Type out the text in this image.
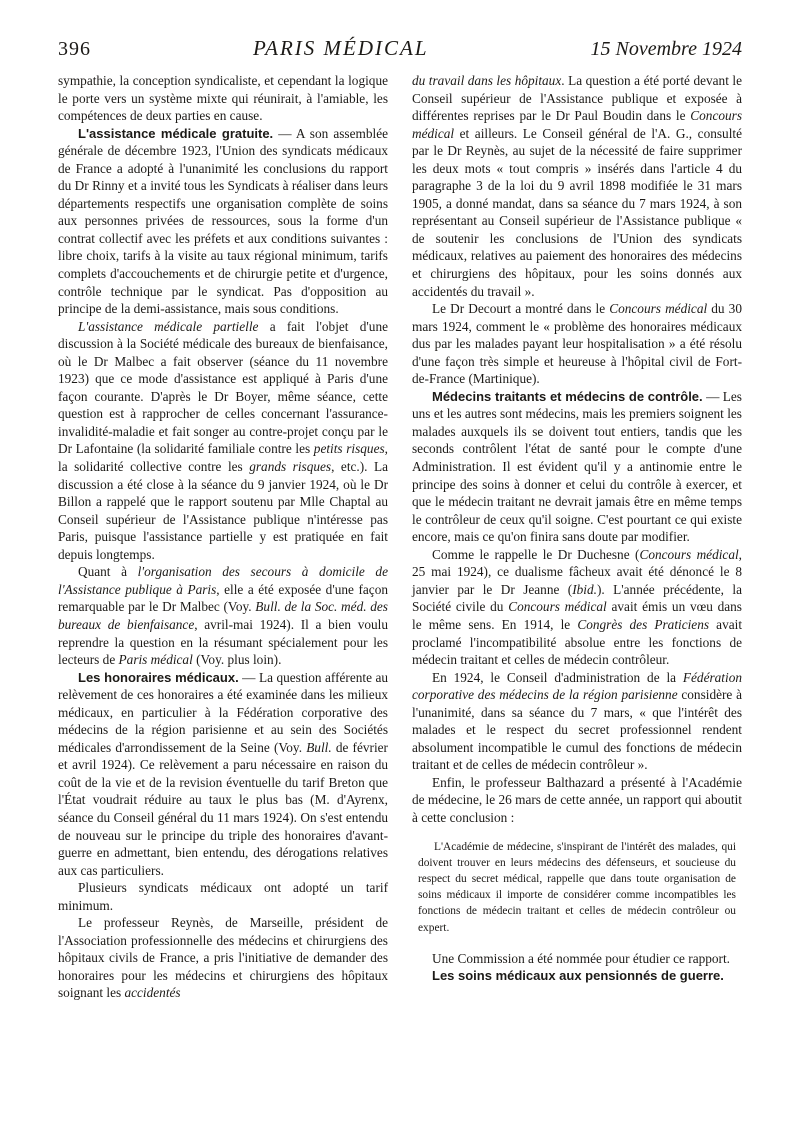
396	PARIS MÉDICAL	15 Novembre 1924

sympathie, la conception syndicaliste, et cependant la logique le porte vers un système mixte qui réunirait, à l'amiable, les compétences de deux parties en cause.

L'assistance médicale gratuite. — A son assemblée générale de décembre 1923, l'Union des syndicats médicaux de France a adopté à l'unanimité les conclusions du rapport du Dr Rinny et a invité tous les Syndicats à réaliser dans leurs départements respectifs une organisation complète de soins aux personnes privées de ressources, sous la forme d'un contrat collectif avec les préfets et aux conditions suivantes : libre choix, tarifs à la visite au taux régional minimum, tarifs complets d'accouchements et de chirurgie petite et d'urgence, contrôle technique par le syndicat. Pas d'opposition au principe de la demi-assistance, mais sous conditions.

L'assistance médicale partielle a fait l'objet d'une discussion à la Société médicale des bureaux de bienfaisance, où le Dr Malbec a fait observer (séance du 11 novembre 1923) que ce mode d'assistance est appliqué à Paris d'une façon courante. D'après le Dr Boyer, même séance, cette question est à rapprocher de celles concernant l'assurance-invalidité-maladie et fait songer au contre-projet conçu par le Dr Lafontaine (la solidarité familiale contre les petits risques, la solidarité collective contre les grands risques, etc.). La discussion a été close à la séance du 9 janvier 1924, où le Dr Billon a rappelé que le rapport soutenu par Mlle Chaptal au Conseil supérieur de l'Assistance publique n'intéresse pas Paris, puisque l'assistance partielle y est pratiquée en fait depuis longtemps.

Quant à l'organisation des secours à domicile de l'Assistance publique à Paris, elle a été exposée d'une façon remarquable par le Dr Malbec (Voy. Bull. de la Soc. méd. des bureaux de bienfaisance, avril-mai 1924). Il a bien voulu reprendre la question en la résumant spécialement pour les lecteurs de Paris médical (Voy. plus loin).

Les honoraires médicaux. — La question afférente au relèvement de ces honoraires a été examinée dans les milieux médicaux, en particulier à la Fédération corporative des médecins de la région parisienne et au sein des Sociétés médicales d'arrondissement de la Seine (Voy. Bull. de février et avril 1924). Ce relèvement a paru nécessaire en raison du coût de la vie et de la revision éventuelle du tarif Breton que l'État voudrait réduire au taux le plus bas (M. d'Ayrenx, séance du Conseil général du 11 mars 1924). On s'est entendu de nouveau sur le principe du triple des honoraires d'avant-guerre en admettant, bien entendu, des dérogations relatives aux cas particuliers.

Plusieurs syndicats médicaux ont adopté un tarif minimum.

Le professeur Reynès, de Marseille, président de l'Association professionnelle des médecins et chirurgiens des hôpitaux civils de France, a pris l'initiative de demander des honoraires pour les médecins et chirurgiens des hôpitaux soignant les accidentés

du travail dans les hôpitaux. La question a été porté devant le Conseil supérieur de l'Assistance publique et exposée à différentes reprises par le Dr Paul Boudin dans le Concours médical et ailleurs. Le Conseil général de l'A. G., consulté par le Dr Reynès, au sujet de la nécessité de faire supprimer les deux mots « tout compris » insérés dans l'article 4 du paragraphe 3 de la loi du 9 avril 1898 modifiée le 31 mars 1905, a donné mandat, dans sa séance du 7 mars 1924, à son représentant au Conseil supérieur de l'Assistance publique « de soutenir les conclusions de l'Union des syndicats médicaux, relatives au paiement des honoraires des médecins et chirurgiens des hôpitaux, pour les soins donnés aux accidentés du travail ».

Le Dr Decourt a montré dans le Concours médical du 30 mars 1924, comment le « problème des honoraires médicaux dus par les malades payant leur hospitalisation » a été résolu d'une façon très simple et heureuse à l'hôpital civil de Fort-de-France (Martinique).

Médecins traitants et médecins de contrôle. — Les uns et les autres sont médecins, mais les premiers soignent les malades auxquels ils se doivent tout entiers, tandis que les seconds contrôlent l'état de santé pour le compte d'une Administration. Il est évident qu'il y a antinomie entre le principe des soins à donner et celui du contrôle à exercer, et que le médecin traitant ne devrait jamais être en même temps le contrôleur de ceux qu'il soigne. C'est pourtant ce qui existe encore, mais ce qu'on finira sans doute par modifier.

Comme le rappelle le Dr Duchesne (Concours médical, 25 mai 1924), ce dualisme fâcheux avait été dénoncé le 8 janvier par le Dr Jeanne (Ibid.). L'année précédente, la Société civile du Concours médical avait émis un vœu dans le même sens. En 1914, le Congrès des Praticiens avait proclamé l'incompatibilité absolue entre les fonctions de médecin traitant et celles de médecin contrôleur.

En 1924, le Conseil d'administration de la Fédération corporative des médecins de la région parisienne considère à l'unanimité, dans sa séance du 7 mars, « que l'intérêt des malades et le respect du secret professionnel rendent absolument incompatible le cumul des fonctions de médecin traitant et de celles de médecin contrôleur ».

Enfin, le professeur Balthazard a présenté à l'Académie de médecine, le 26 mars de cette année, un rapport qui aboutit à cette conclusion :

L'Académie de médecine, s'inspirant de l'intérêt des malades, qui doivent trouver en leurs médecins des défenseurs, et soucieuse du respect du secret médical, rappelle que dans toute organisation de soins médicaux il importe de considérer comme incompatibles les fonctions de médecin traitant et celles de médecin contrôleur ou expert.

Une Commission a été nommée pour étudier ce rapport.

Les soins médicaux aux pensionnés de guerre.
